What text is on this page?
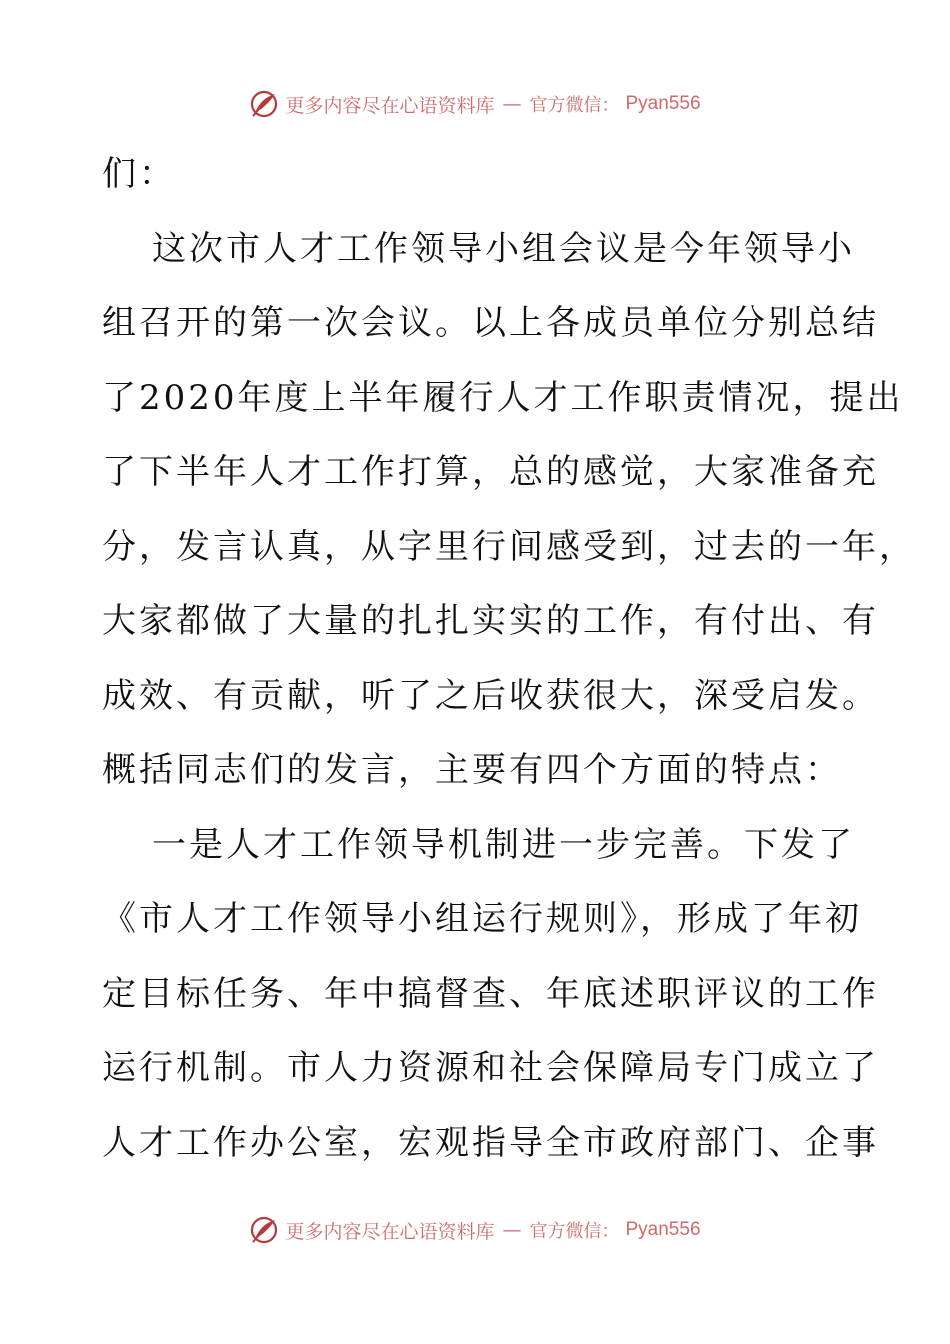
更多内容尽在心语资料库 — 官方微信： Pyan556
们：
这次市人才工作领导小组会议是今年领导小
组召开的第一次会议。以上各成员单位分别总结
了2020年度上半年履行人才工作职责情况，提出
了下半年人才工作打算，总的感觉，大家准备充
分，发言认真，从字里行间感受到，过去的一年，
大家都做了大量的扎扎实实的工作，有付出、有
成效、有贡献，听了之后收获很大，深受启发。
概括同志们的发言，主要有四个方面的特点：
一是人才工作领导机制进一步完善。下发了
《市人才工作领导小组运行规则》，形成了年初
定目标任务、年中搞督查、年底述职评议的工作
运行机制。市人力资源和社会保障局专门成立了
人才工作办公室，宏观指导全市政府部门、企事
更多内容尽在心语资料库 — 官方微信： Pyan556
